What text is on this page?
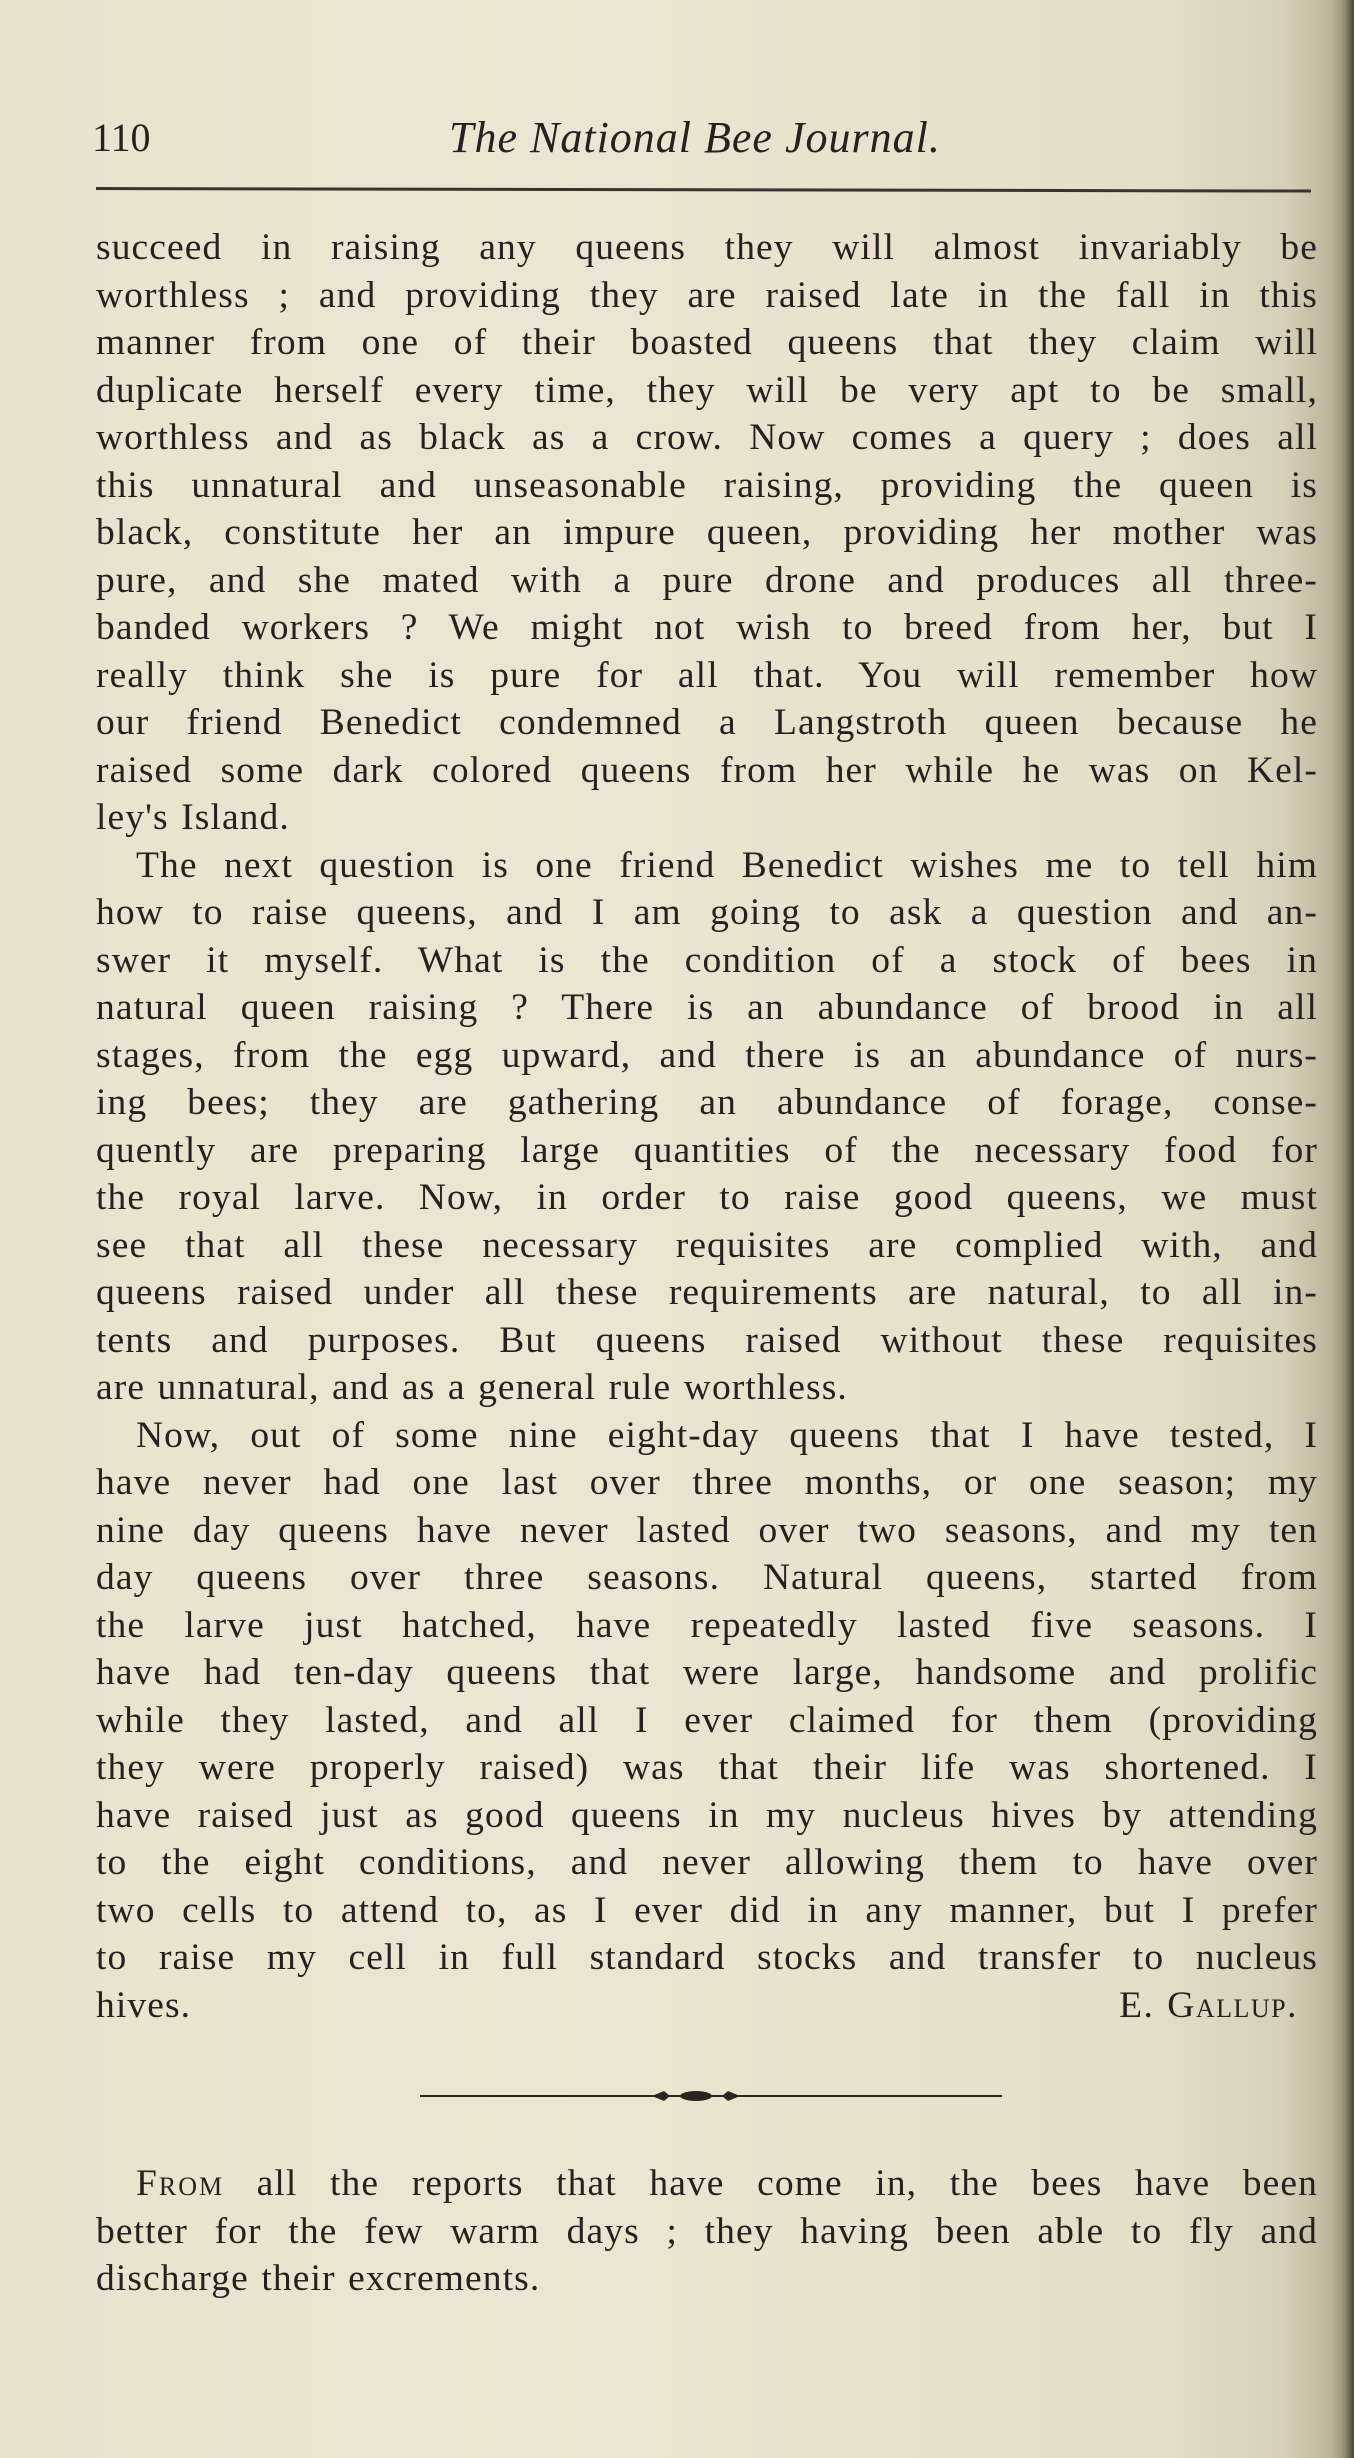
110	The National Bee Journal.
succeed in raising any queens they will almost invariably be
worthless ; and providing they are raised late in the fall in this
manner from one of their boasted queens that they claim will
duplicate herself every time, they will be very apt to be small,
worthless and as black as a crow. Now comes a query ; does all
this unnatural and unseasonable raising, providing the queen is
black, constitute her an impure queen, providing her mother was
pure, and she mated with a pure drone and produces all three-
banded workers ? We might not wish to breed from her, but I
really think she is pure for all that. You will remember how
our friend Benedict condemned a Langstroth queen because he
raised some dark colored queens from her while he was on Kel-
ley's Island.
The next question is one friend Benedict wishes me to tell him
how to raise queens, and I am going to ask a question and an-
swer it myself. What is the condition of a stock of bees in
natural queen raising ? There is an abundance of brood in all
stages, from the egg upward, and there is an abundance of nurs-
ing bees; they are gathering an abundance of forage, conse-
quently are preparing large quantities of the necessary food for
the royal larve. Now, in order to raise good queens, we must
see that all these necessary requisites are complied with, and
queens raised under all these requirements are natural, to all in-
tents and purposes. But queens raised without these requisites
are unnatural, and as a general rule worthless.
Now, out of some nine eight-day queens that I have tested, I
have never had one last over three months, or one season; my
nine day queens have never lasted over two seasons, and my ten
day queens over three seasons. Natural queens, started from
the larve just hatched, have repeatedly lasted five seasons. I
have had ten-day queens that were large, handsome and prolific
while they lasted, and all I ever claimed for them (providing
they were properly raised) was that their life was shortened. I
have raised just as good queens in my nucleus hives by attending
to the eight conditions, and never allowing them to have over
two cells to attend to, as I ever did in any manner, but I prefer
to raise my cell in full standard stocks and transfer to nucleus
hives.	E. Gallup.
From all the reports that have come in, the bees have been
better for the few warm days ; they having been able to fly and
discharge their excrements.
